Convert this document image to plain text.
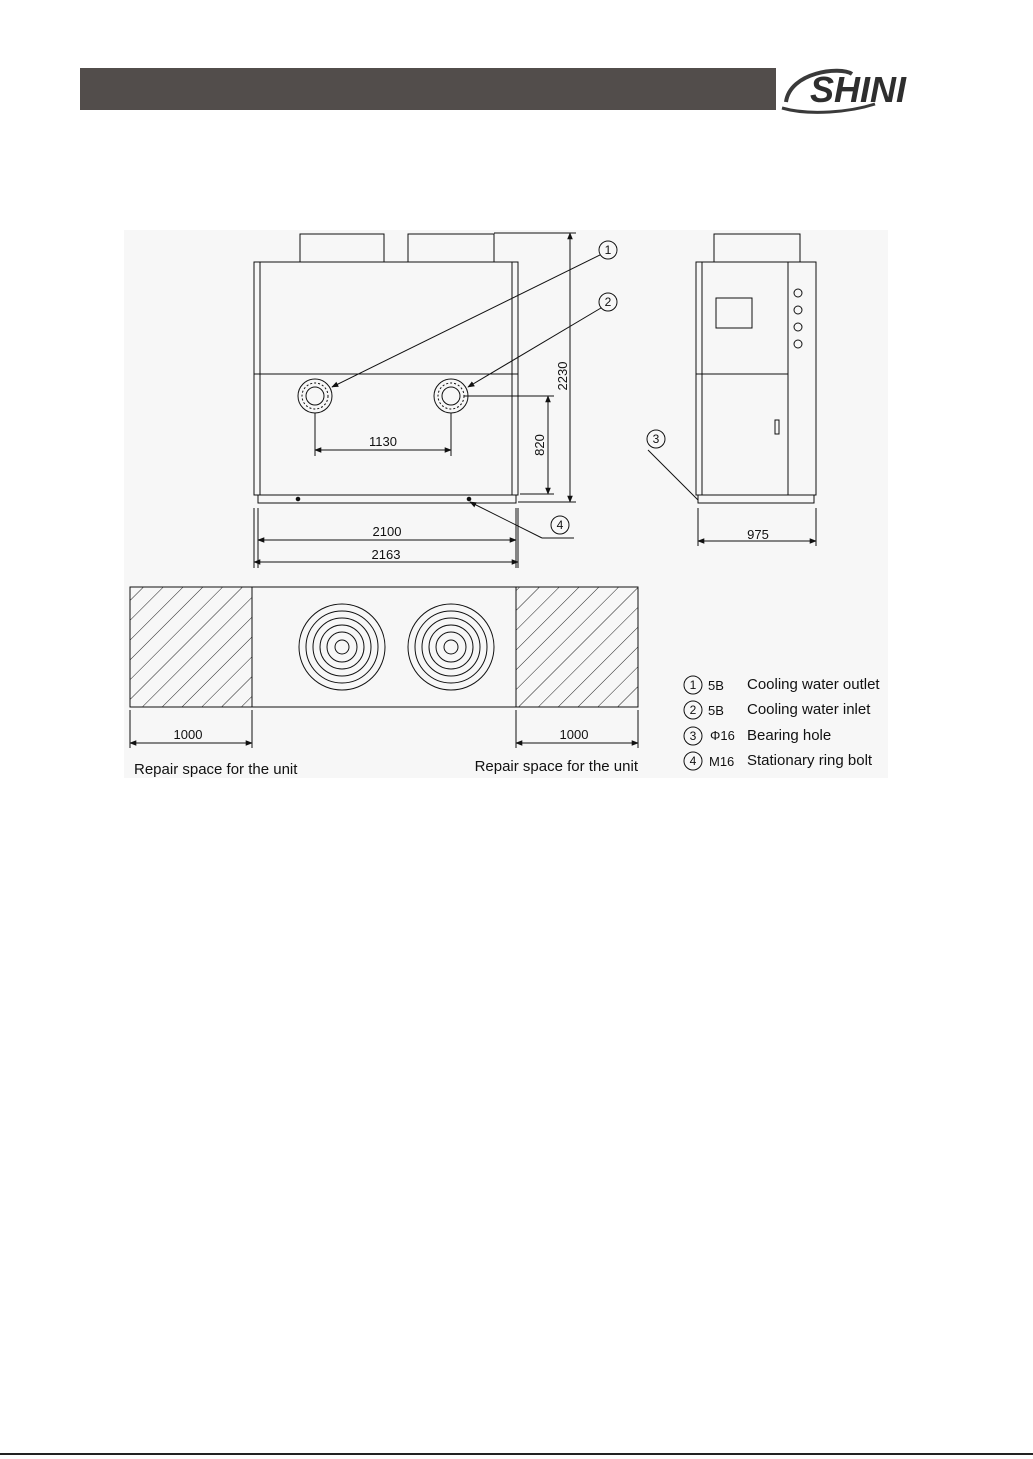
SHINI
1130	820
2230
2100
2163
975
1000	1000
1
2
3
4
Repair space for the unit	Repair space for the unit
1 5B Cooling water outlet
2 5B Cooling water inlet
3 Φ16 Bearing hole
4 M16 Stationary ring bolt
